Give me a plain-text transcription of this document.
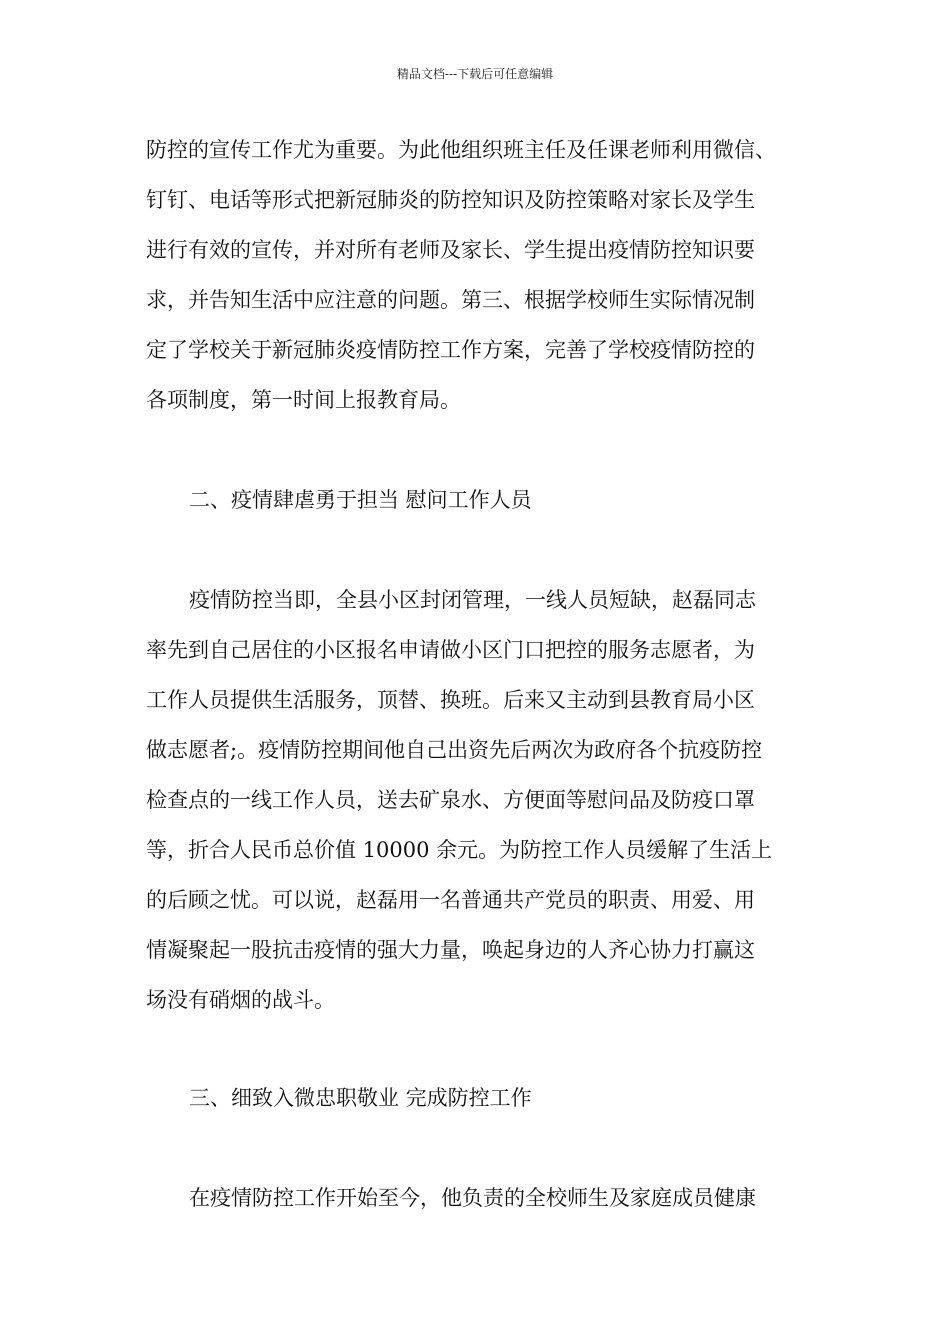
精品文档---下载后可任意编辑
防控的宣传工作尤为重要。为此他组织班主任及任课老师利用微信、
钉钉、电话等形式把新冠肺炎的防控知识及防控策略对家长及学生
进行有效的宣传，并对所有老师及家长、学生提出疫情防控知识要
求，并告知生活中应注意的问题。第三、根据学校师生实际情况制
定了学校关于新冠肺炎疫情防控工作方案，完善了学校疫情防控的
各项制度，第一时间上报教育局。
二、疫情肆虐勇于担当 慰问工作人员
疫情防控当即，全县小区封闭管理，一线人员短缺，赵磊同志
率先到自己居住的小区报名申请做小区门口把控的服务志愿者，为
工作人员提供生活服务，顶替、换班。后来又主动到县教育局小区
做志愿者;。疫情防控期间他自己出资先后两次为政府各个抗疫防控
检查点的一线工作人员，送去矿泉水、方便面等慰问品及防疫口罩
等，折合人民币总价值 10000 余元。为防控工作人员缓解了生活上
的后顾之忧。可以说，赵磊用一名普通共产党员的职责、用爱、用
情凝聚起一股抗击疫情的强大力量，唤起身边的人齐心协力打赢这
场没有硝烟的战斗。
三、细致入微忠职敬业 完成防控工作
在疫情防控工作开始至今，他负责的全校师生及家庭成员健康
